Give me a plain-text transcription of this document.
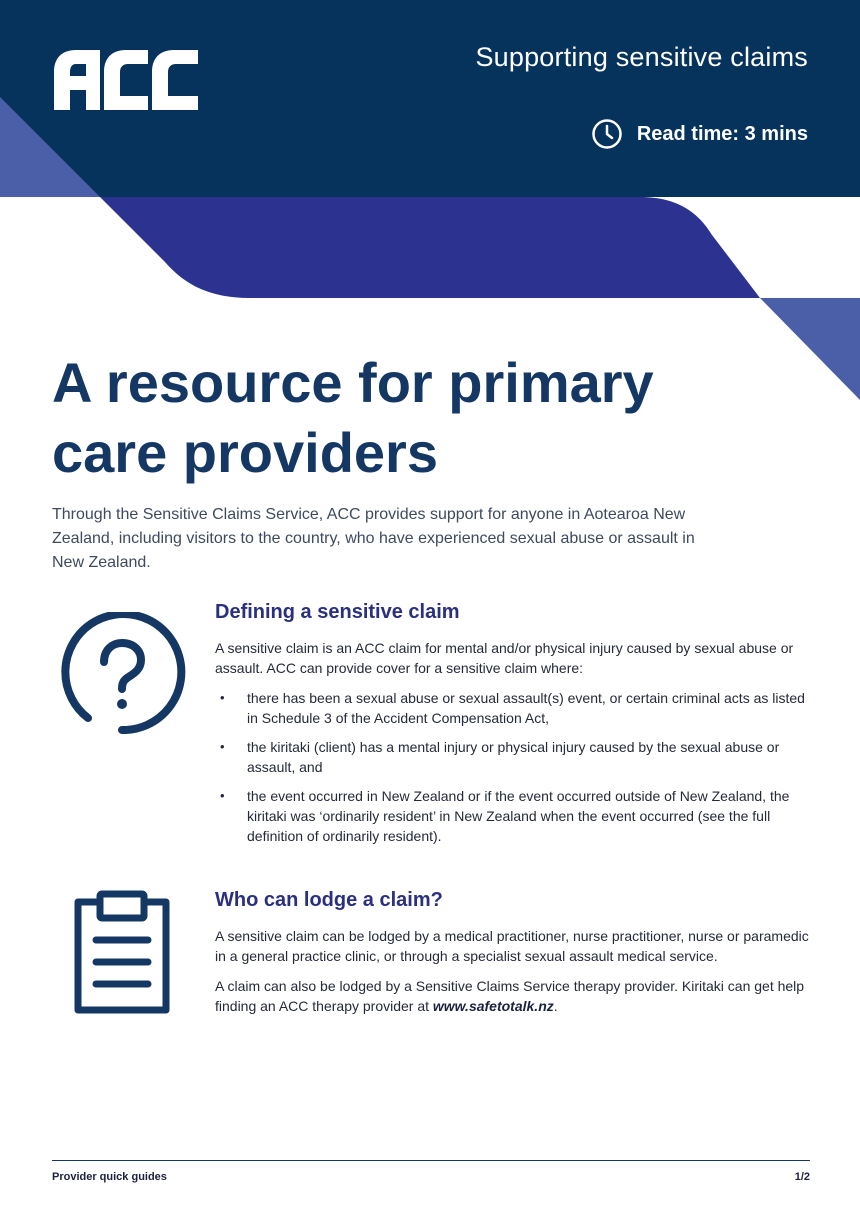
Supporting sensitive claims
Read time: 3 mins
A resource for primary
care providers

Through the Sensitive Claims Service, ACC provides support for anyone in Aotearoa New Zealand, including visitors to the country, who have experienced sexual abuse or assault in New Zealand.

Defining a sensitive claim

A sensitive claim is an ACC claim for mental and/or physical injury caused by sexual abuse or assault. ACC can provide cover for a sensitive claim where:

• there has been a sexual abuse or sexual assault(s) event, or certain criminal acts as listed in Schedule 3 of the Accident Compensation Act,
• the kiritaki (client) has a mental injury or physical injury caused by the sexual abuse or assault, and
• the event occurred in New Zealand or if the event occurred outside of New Zealand, the kiritaki was ‘ordinarily resident’ in New Zealand when the event occurred (see the full definition of ordinarily resident).
Who can lodge a claim?

A sensitive claim can be lodged by a medical practitioner, nurse practitioner, nurse or paramedic in a general practice clinic, or through a specialist sexual assault medical service.

A claim can also be lodged by a Sensitive Claims Service therapy provider. Kiritaki can get help finding an ACC therapy provider at www.safetotalk.nz.

Provider quick guides	1/2
